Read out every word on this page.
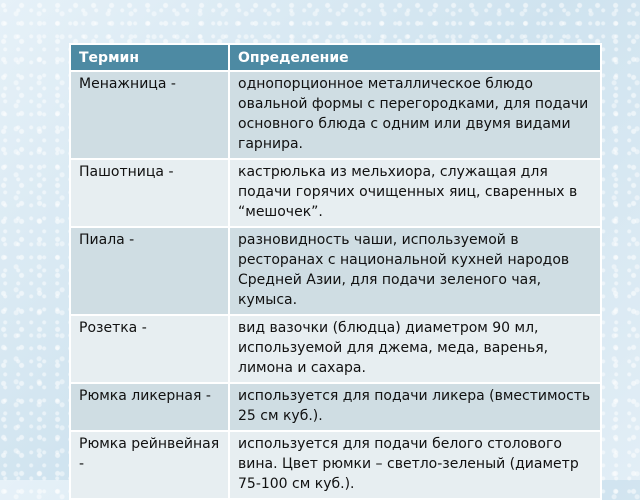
Термин	Определение
Менажница -	однопорционное металлическое блюдо овальной формы с перегородками, для подачи основного блюда с одним или двумя видами гарнира.
Пашотница -	кастрюлька из мельхиора, служащая для подачи горячих очищенных яиц, сваренных в “мешочек”.
Пиала -	разновидность чаши, используемой в ресторанах с национальной кухней народов Средней Азии, для подачи зеленого чая, кумыса.
Розетка -	вид вазочки (блюдца) диаметром 90 мл, используемой для джема, меда, варенья, лимона и сахара.
Рюмка ликерная -	используется для подачи ликера (вместимость 25 см куб.).
Рюмка рейнвейная -	используется для подачи белого столового вина. Цвет рюмки – светло-зеленый (диаметр 75-100 см куб.).
